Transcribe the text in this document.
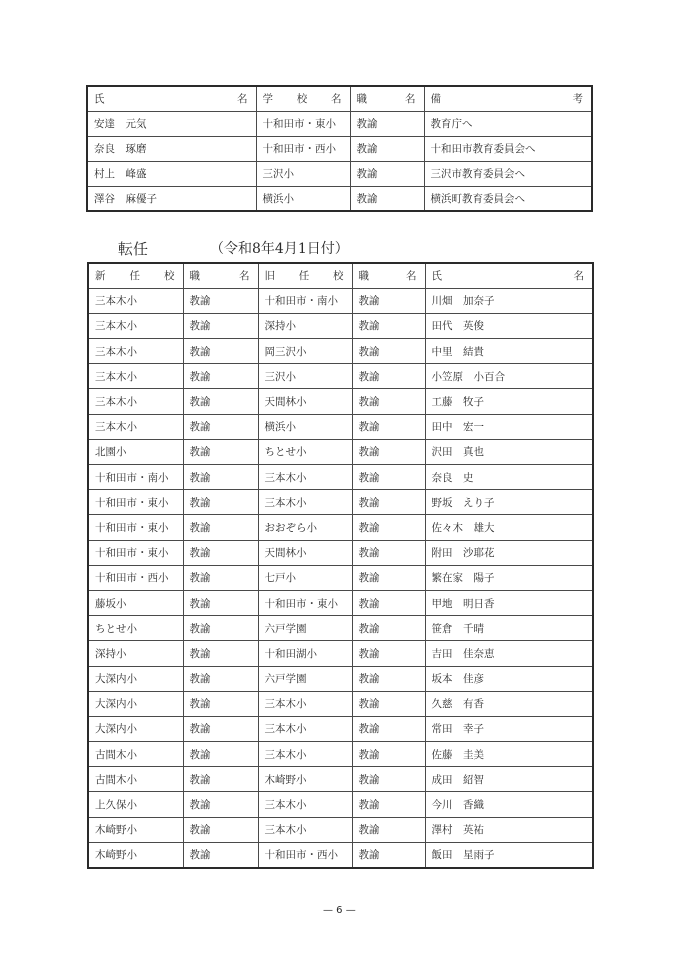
氏 名	学 校 名	職 名	備 考

安達　元気	十和田市・東小	教諭	教育庁へ
奈良　琢磨	十和田市・西小	教諭	十和田市教育委員会へ
村上　峰盛	三沢小	教諭	三沢市教育委員会へ
澤谷　麻優子	横浜小	教諭	横浜町教育委員会へ
転任	（令和8年4月1日付）
新 任 校	職 名	旧 任 校	職 名	氏 名

三本木小	教諭	十和田市・南小	教諭	川畑　加奈子
三本木小	教諭	深持小	教諭	田代　英俊
三本木小	教諭	岡三沢小	教諭	中里　結貴
三本木小	教諭	三沢小	教諭	小笠原　小百合
三本木小	教諭	天間林小	教諭	工藤　牧子
三本木小	教諭	横浜小	教諭	田中　宏一
北園小	教諭	ちとせ小	教諭	沢田　真也
十和田市・南小	教諭	三本木小	教諭	奈良　史
十和田市・東小	教諭	三本木小	教諭	野坂　えり子
十和田市・東小	教諭	おおぞら小	教諭	佐々木　雄大
十和田市・東小	教諭	天間林小	教諭	附田　沙耶花
十和田市・西小	教諭	七戸小	教諭	繁在家　陽子
藤坂小	教諭	十和田市・東小	教諭	甲地　明日香
ちとせ小	教諭	六戸学園	教諭	笹倉　千晴
深持小	教諭	十和田湖小	教諭	吉田　佳奈恵
大深内小	教諭	六戸学園	教諭	坂本　佳彦
大深内小	教諭	三本木小	教諭	久慈　有香
大深内小	教諭	三本木小	教諭	常田　幸子
古間木小	教諭	三本木小	教諭	佐藤　圭美
古間木小	教諭	木崎野小	教諭	成田　紹智
上久保小	教諭	三本木小	教諭	今川　香織
木崎野小	教諭	三本木小	教諭	澤村　英祐
木崎野小	教諭	十和田市・西小	教諭	飯田　星雨子
— 6 —
